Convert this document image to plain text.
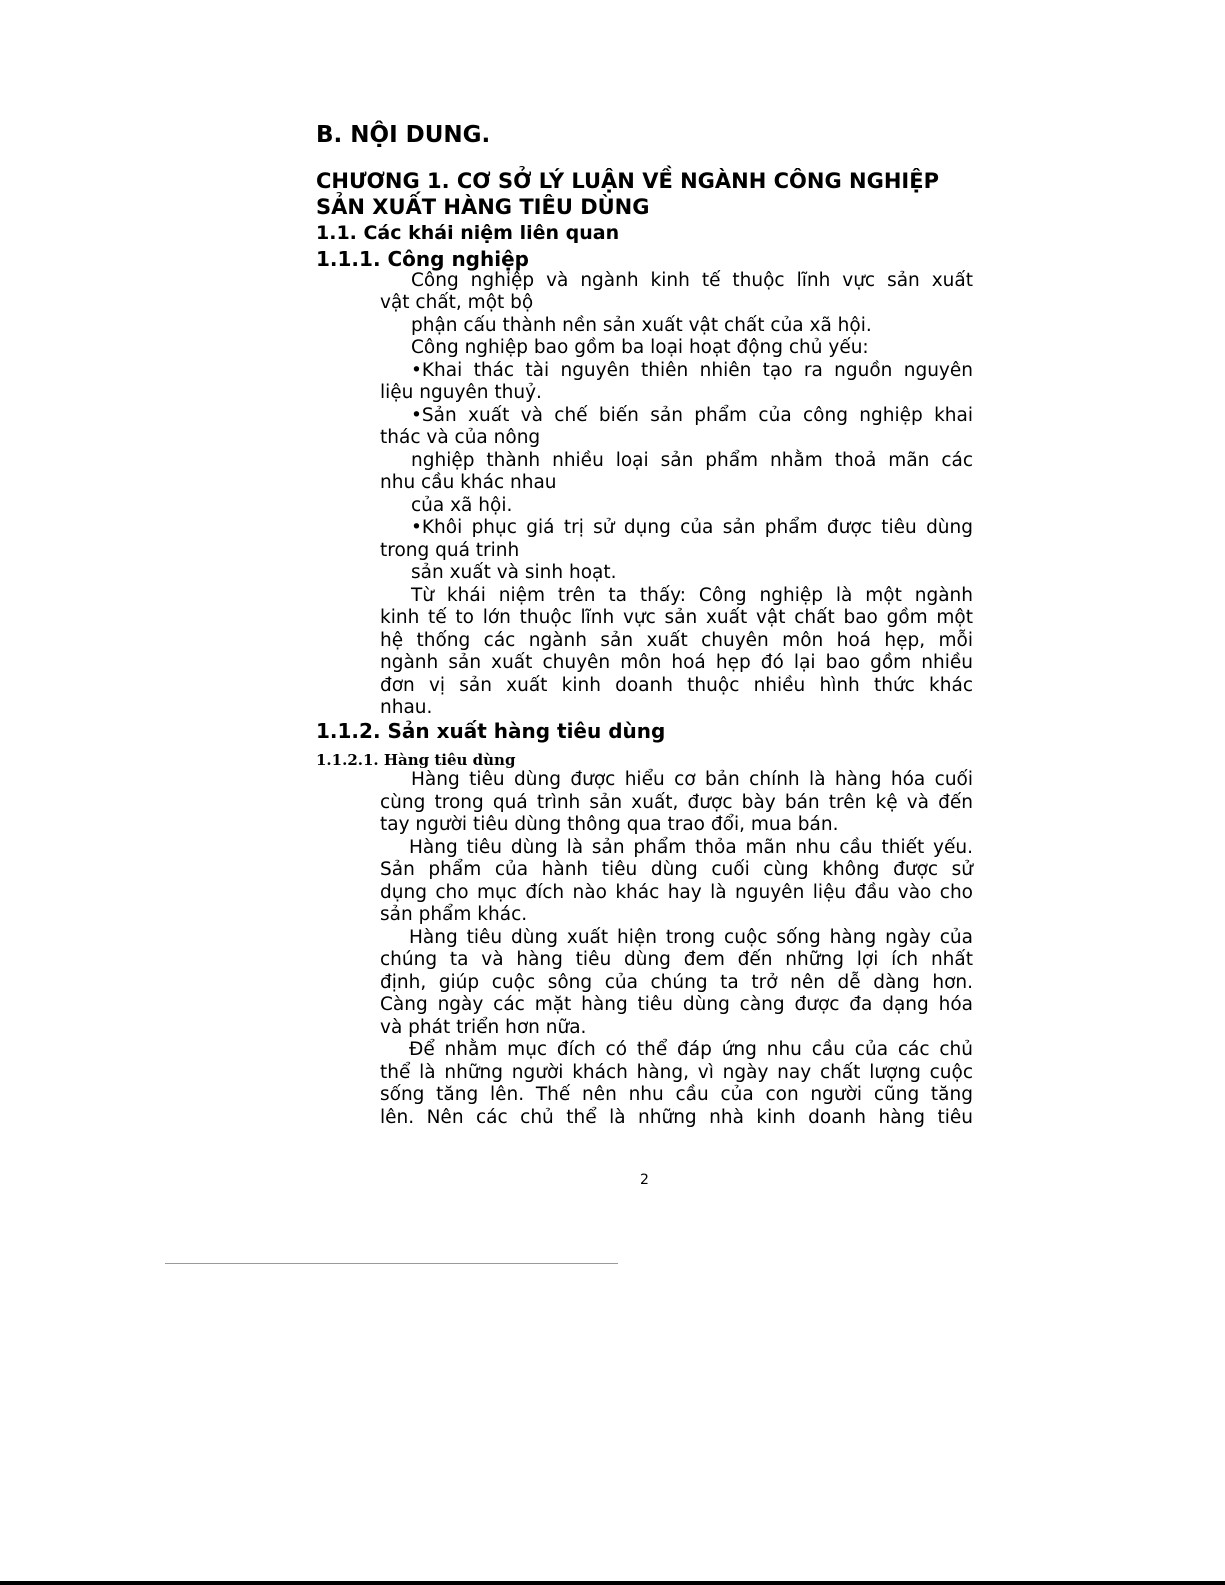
B. NỘI DUNG.
CHƯƠNG 1. CƠ SỞ LÝ LUẬN VỀ NGÀNH CÔNG NGHIỆP
SẢN XUẤT HÀNG TIÊU DÙNG
1.1. Các khái niệm liên quan
1.1.1. Công nghiệp

Công nghiệp và ngành kinh tế thuộc lĩnh vực sản xuất

vật chất, một bộ

phận cấu thành nền sản xuất vật chất của xã hội.

Công nghiệp bao gồm ba loại hoạt động chủ yếu:

•Khai thác tài nguyên thiên nhiên tạo ra nguồn nguyên

liệu nguyên thuỷ.

•Sản xuất và chế biến sản phẩm của công nghiệp khai

thác và của nông

nghiệp thành nhiều loại sản phẩm nhằm thoả mãn các

nhu cầu khác nhau

của xã hội.

•Khôi phục giá trị sử dụng của sản phẩm được tiêu dùng

trong quá trinh

sản xuất và sinh hoạt.

Từ khái niệm trên ta thấy: Công nghiệp là một ngành

kinh tế to lớn thuộc lĩnh vực sản xuất vật chất bao gồm một

hệ thống các ngành sản xuất chuyên môn hoá hẹp, mỗi

ngành sản xuất chuyên môn hoá hẹp đó lại bao gồm nhiều

đơn vị sản xuất kinh doanh thuộc nhiều hình thức khác

nhau.

1.1.2. Sản xuất hàng tiêu dùng
1.1.2.1. Hàng tiêu dùng

Hàng tiêu dùng được hiểu cơ bản chính là hàng hóa cuối

cùng trong quá trình sản xuất, được bày bán trên kệ và đến

tay người tiêu dùng thông qua trao đổi, mua bán.

Hàng tiêu dùng là sản phẩm thỏa mãn nhu cầu thiết yếu.

Sản phẩm của hành tiêu dùng cuối cùng không được sử

dụng cho mục đích nào khác hay là nguyên liệu đầu vào cho

sản phẩm khác.

Hàng tiêu dùng xuất hiện trong cuộc sống hàng ngày của

chúng ta và hàng tiêu dùng đem đến những lợi ích nhất

định, giúp cuộc sông của chúng ta trở nên dễ dàng hơn.

Càng ngày các mặt hàng tiêu dùng càng được đa dạng hóa

và phát triển hơn nữa.

Để nhằm mục đích có thể đáp ứng nhu cầu của các chủ

thể là những người khách hàng, vì ngày nay chất lượng cuộc

sống tăng lên. Thế nên nhu cầu của con người cũng tăng

lên. Nên các chủ thể là những nhà kinh doanh hàng tiêu

2
